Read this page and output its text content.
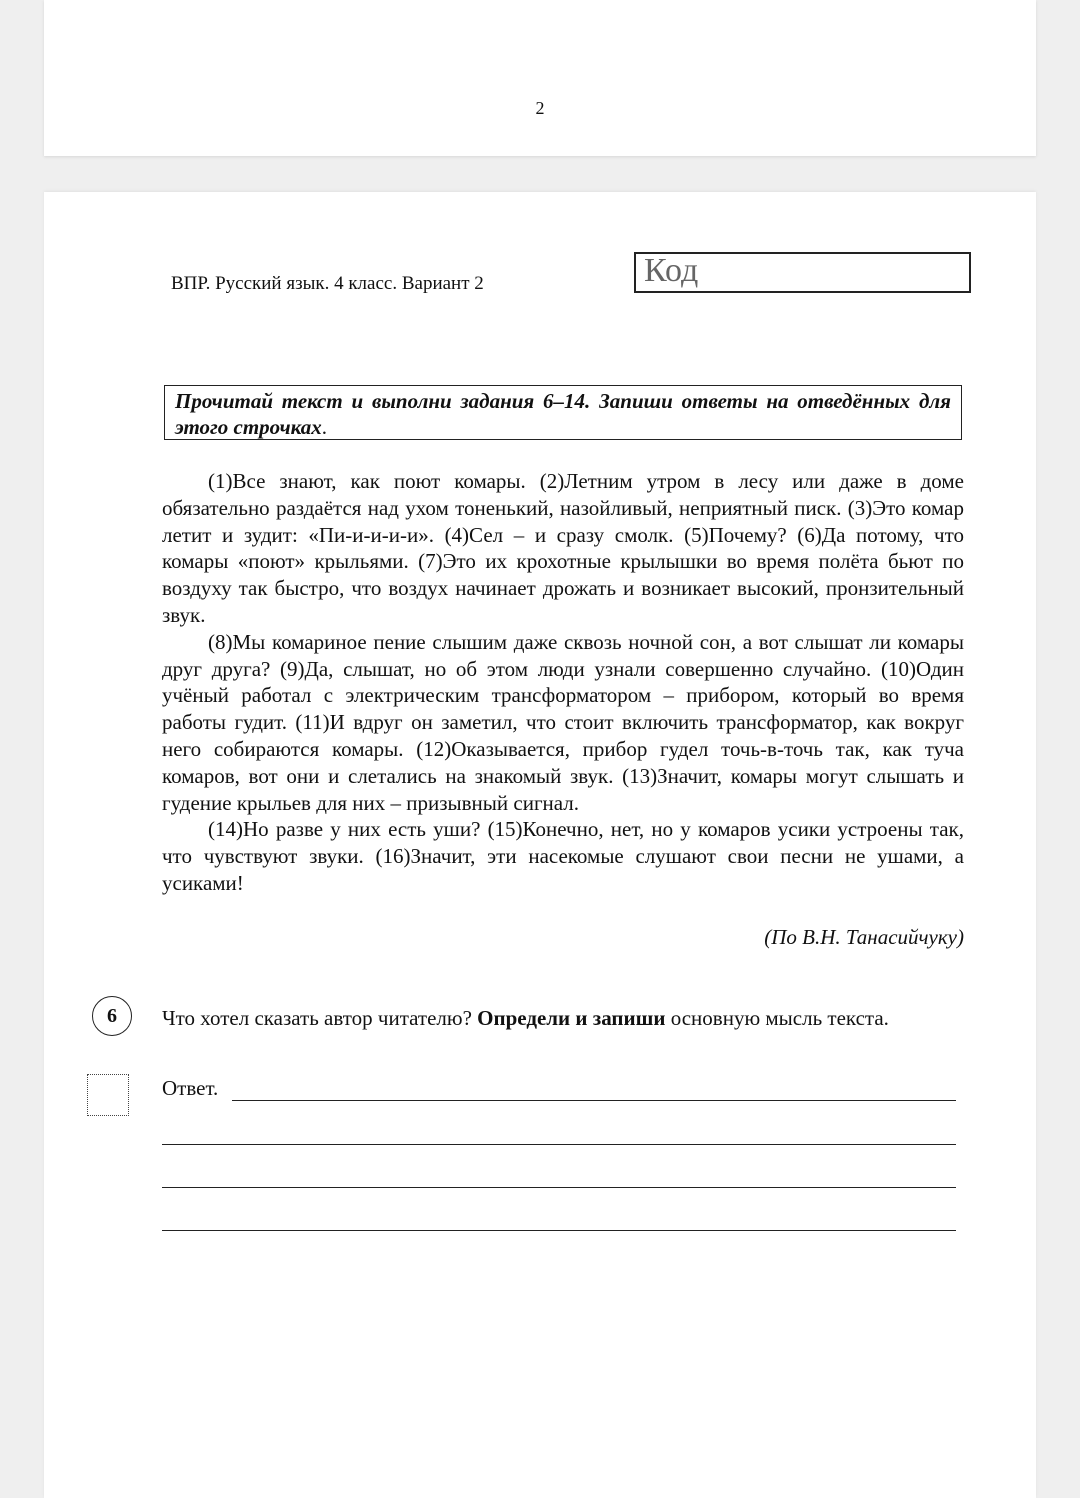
2
ВПР. Русский язык. 4 класс. Вариант 2	Код
Прочитай текст и выполни задания 6–14. Запиши ответы на отведённых для этого строчках.

(1)Все знают, как поют комары. (2)Летним утром в лесу или даже в доме обязательно раздаётся над ухом тоненький, назойливый, неприятный писк. (3)Это комар летит и зудит: «Пи-и-и-и-и». (4)Сел – и сразу смолк. (5)Почему? (6)Да потому, что комары «поют» крыльями. (7)Это их крохотные крылышки во время полёта бьют по воздуху так быстро, что воздух начинает дрожать и возникает высокий, пронзительный звук.

(8)Мы комариное пение слышим даже сквозь ночной сон, а вот слышат ли комары друг друга? (9)Да, слышат, но об этом люди узнали совершенно случайно. (10)Один учёный работал с электрическим трансформатором – прибором, который во время работы гудит. (11)И вдруг он заметил, что стоит включить трансформатор, как вокруг него собираются комары. (12)Оказывается, прибор гудел точь-в-точь так, как туча комаров, вот они и слетались на знакомый звук. (13)Значит, комары могут слышать и гудение крыльев для них – призывный сигнал.

(14)Но разве у них есть уши? (15)Конечно, нет, но у комаров усики устроены так, что чувствуют звуки. (16)Значит, эти насекомые слушают свои песни не ушами, а усиками!

(По В.Н. Танасийчуку)
6	Что хотел сказать автор читателю? Определи и запиши основную мысль текста.
Ответ.
